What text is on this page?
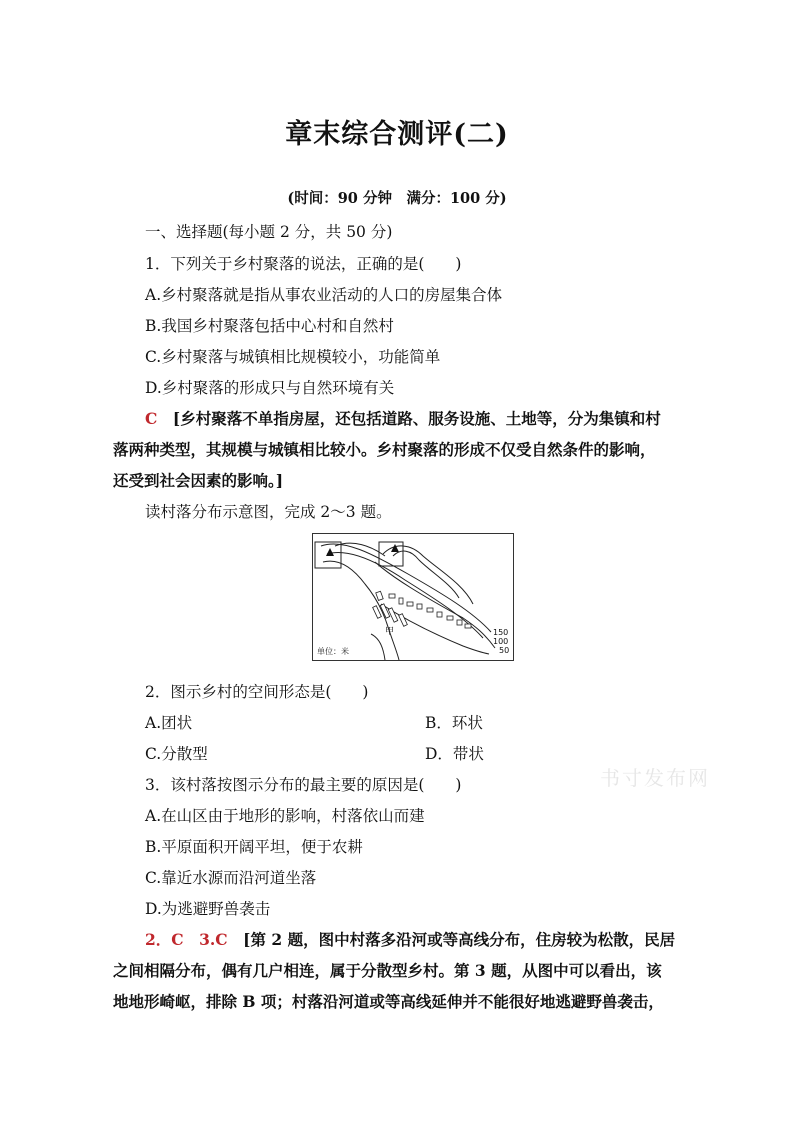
章末综合测评(二)
(时间：90 分钟　满分：100 分)
一、选择题(每小题 2 分，共 50 分)
1．下列关于乡村聚落的说法，正确的是(　　)
A.乡村聚落就是指从事农业活动的人口的房屋集合体
B.我国乡村聚落包括中心村和自然村
C.乡村聚落与城镇相比规模较小，功能简单
D.乡村聚落的形成只与自然环境有关
C　 [乡村聚落不单指房屋，还包括道路、服务设施、土地等，分为集镇和村
落两种类型，其规模与城镇相比较小。乡村聚落的形成不仅受自然条件的影响，
还受到社会因素的影响。]
读村落分布示意图，完成 2～3 题。
甲	150
100
50
单位：米
2．图示乡村的空间形态是(　　)
A.团状	B．环状
C.分散型	D．带状
书寸发布网
3．该村落按图示分布的最主要的原因是(　　)
A.在山区由于地形的影响，村落依山而建
B.平原面积开阔平坦，便于农耕
C.靠近水源而沿河道坐落
D.为逃避野兽袭击
2．C　3.C　 [第 2 题，图中村落多沿河或等高线分布，住房较为松散，民居
之间相隔分布，偶有几户相连，属于分散型乡村。第 3 题，从图中可以看出，该
地地形崎岖，排除 B 项；村落沿河道或等高线延伸并不能很好地逃避野兽袭击，
